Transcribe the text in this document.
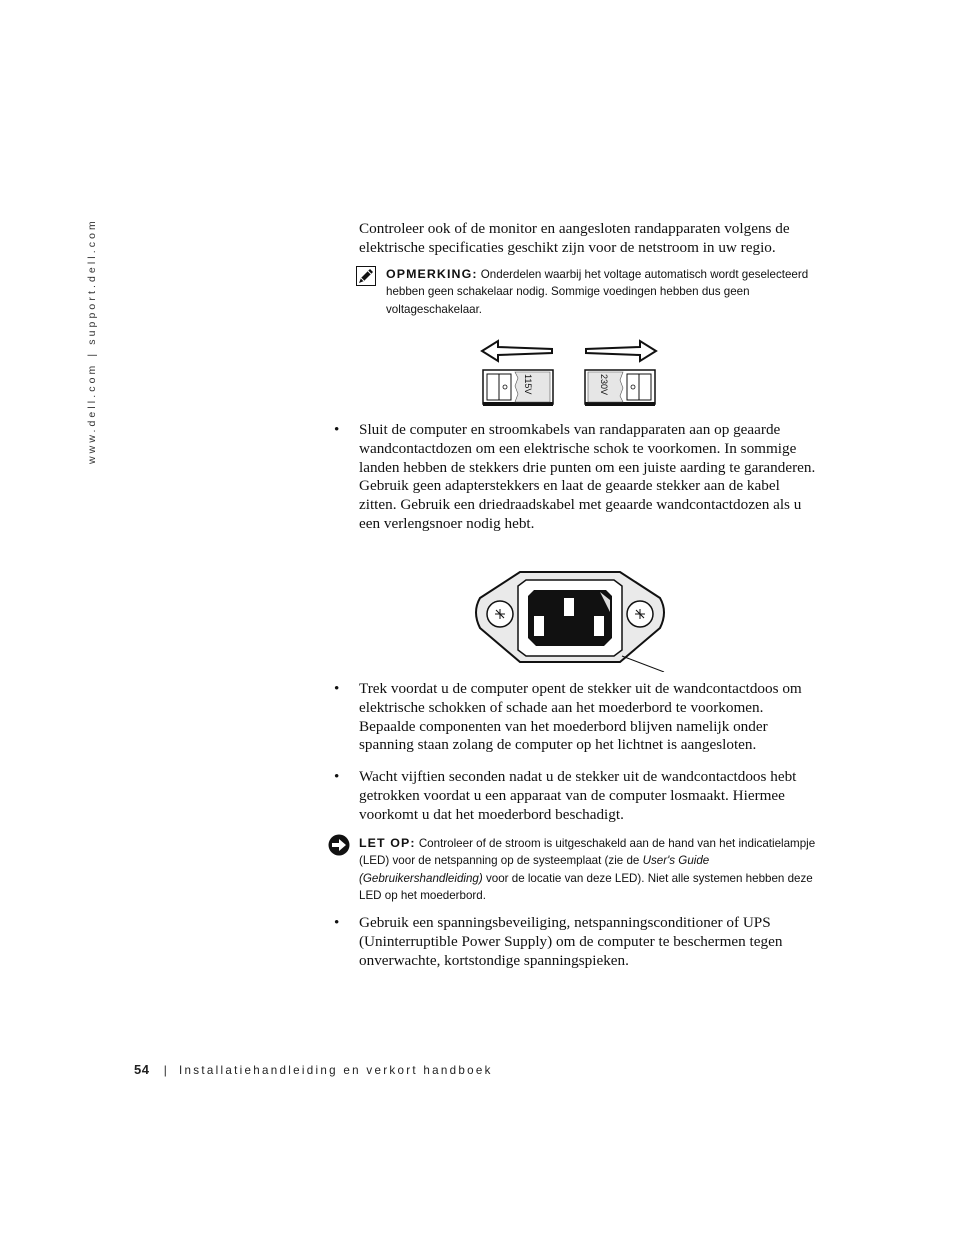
www.dell.com | support.dell.com	Controleer ook of de monitor en aangesloten randapparaten volgens de elektrische specificaties geschikt zijn voor de netstroom in uw regio.
OPMERKING: Onderdelen waarbij het voltage automatisch wordt geselecteerd hebben geen schakelaar nodig. Sommige voedingen hebben dus geen voltageschakelaar.
115V	230V
• Sluit de computer en stroomkabels van randapparaten aan op geaarde wandcontactdozen om een elektrische schok te voorkomen. In sommige landen hebben de stekkers drie punten om een juiste aarding te garanderen. Gebruik geen adapterstekkers en laat de geaarde stekker aan de kabel zitten. Gebruik een driedraadskabel met geaarde wandcontactdozen als u een verlengsnoer nodig hebt.
• Trek voordat u de computer opent de stekker uit de wandcontactdoos om elektrische schokken of schade aan het moederbord te voorkomen. Bepaalde componenten van het moederbord blijven namelijk onder spanning staan zolang de computer op het lichtnet is aangesloten.
• Wacht vijftien seconden nadat u de stekker uit de wandcontactdoos hebt getrokken voordat u een apparaat van de computer losmaakt. Hiermee voorkomt u dat het moederbord beschadigt.
LET OP: Controleer of de stroom is uitgeschakeld aan de hand van het indicatielampje (LED) voor de netspanning op de systeemplaat (zie de User's Guide (Gebruikershandleiding) voor de locatie van deze LED). Niet alle systemen hebben deze LED op het moederbord.
• Gebruik een spanningsbeveiliging, netspanningsconditioner of UPS (Uninterruptible Power Supply) om de computer te beschermen tegen onverwachte, kortstondige spanningspieken.
54 | Installatiehandleiding en verkort handboek
